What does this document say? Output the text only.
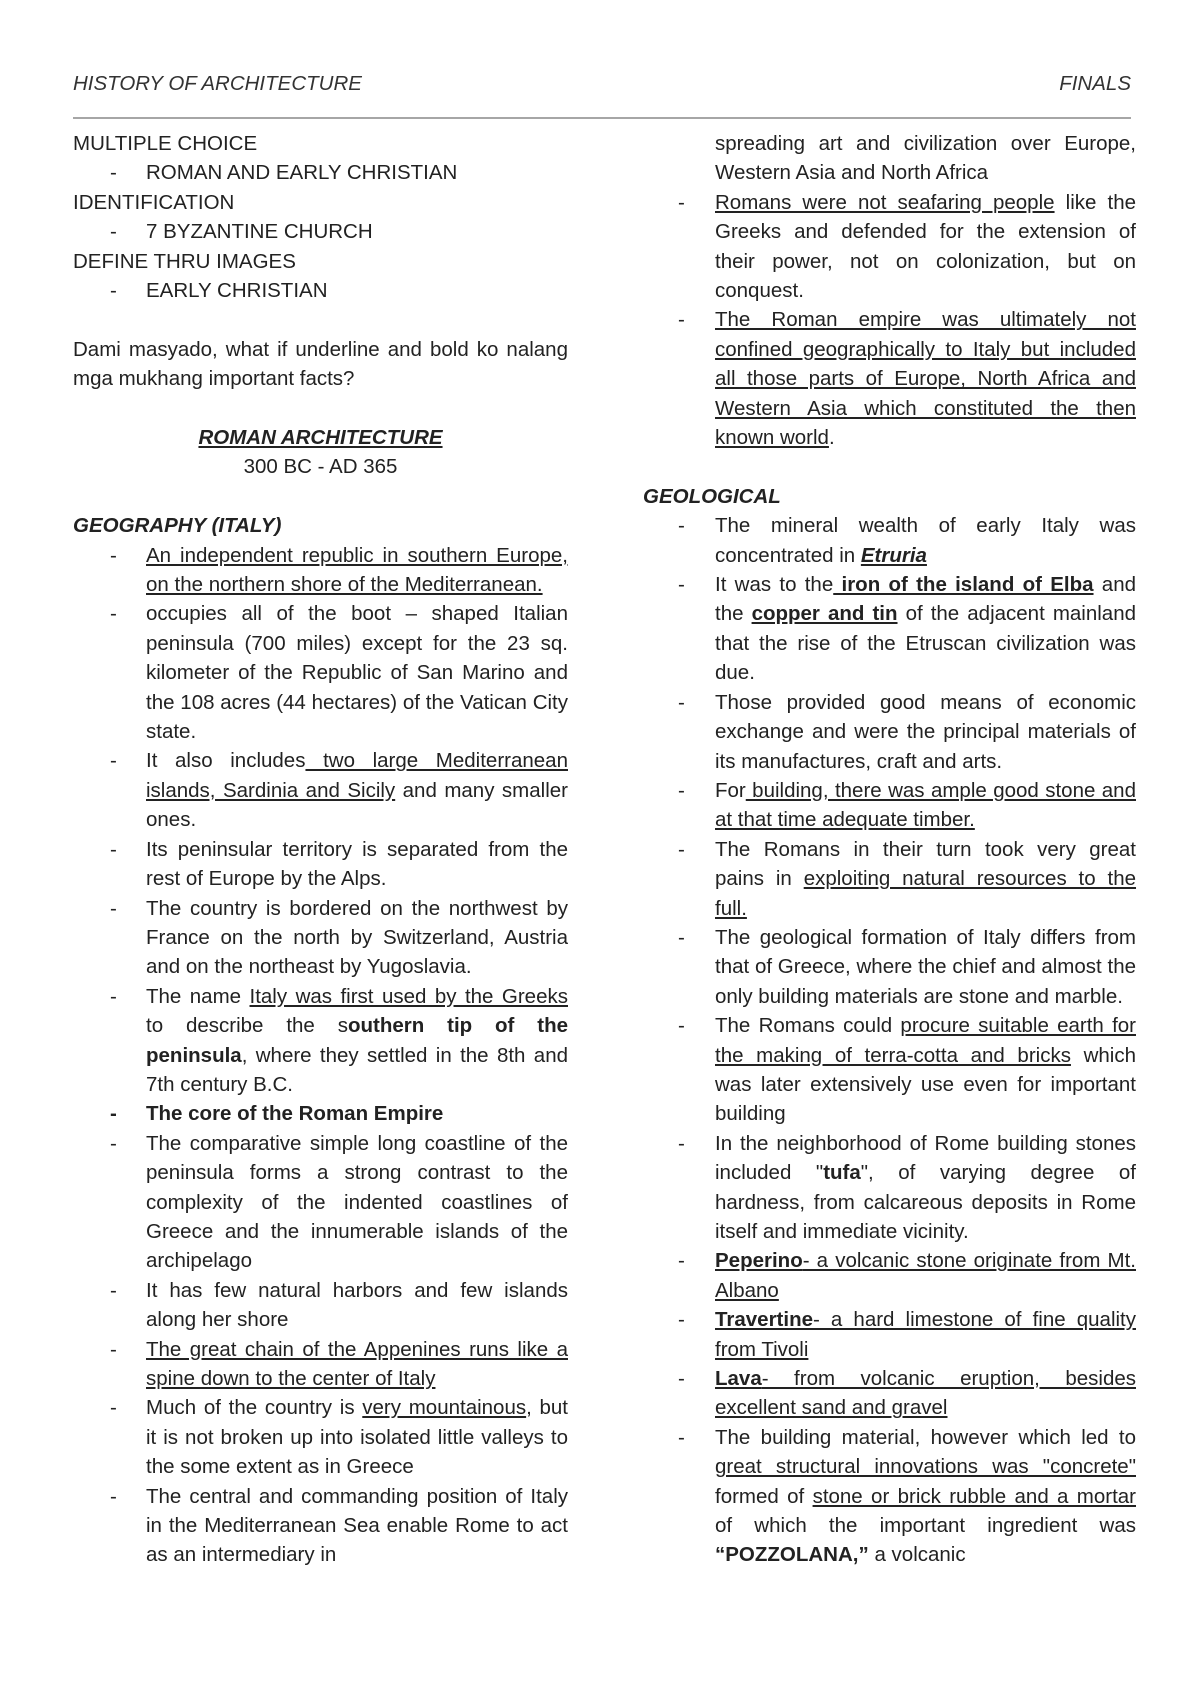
HISTORY OF ARCHITECTURE	FINALS

MULTIPLE CHOICE

- ROMAN AND EARLY CHRISTIAN

IDENTIFICATION

- 7 BYZANTINE CHURCH

DEFINE THRU IMAGES

- EARLY CHRISTIAN

Dami masyado, what if underline and bold ko nalang mga mukhang important facts?

ROMAN ARCHITECTURE

300 BC - AD 365

GEOGRAPHY (ITALY)

- An independent republic in southern Europe, on the northern shore of the Mediterranean.
- occupies all of the boot – shaped Italian peninsula (700 miles) except for the 23 sq. kilometer of the Republic of San Marino and the 108 acres (44 hectares) of the Vatican City state.
- It also includes two large Mediterranean islands, Sardinia and Sicily and many smaller ones.
- Its peninsular territory is separated from the rest of Europe by the Alps.
- The country is bordered on the northwest by France on the north by Switzerland, Austria and on the northeast by Yugoslavia.
- The name Italy was first used by the Greeks to describe the southern tip of the peninsula, where they settled in the 8th and 7th century B.C.
- The core of the Roman Empire
- The comparative simple long coastline of the peninsula forms a strong contrast to the complexity of the indented coastlines of Greece and the innumerable islands of the archipelago
- It has few natural harbors and few islands along her shore
- The great chain of the Appenines runs like a spine down to the center of Italy
- Much of the country is very mountainous, but it is not broken up into isolated little valleys to the some extent as in Greece
- The central and commanding position of Italy in the Mediterranean Sea enable Rome to act as an intermediary in

spreading art and civilization over Europe, Western Asia and North Africa

- Romans were not seafaring people like the Greeks and defended for the extension of their power, not on colonization, but on conquest.
- The Roman empire was ultimately not confined geographically to Italy but included all those parts of Europe, North Africa and Western Asia which constituted the then known world.

GEOLOGICAL

- The mineral wealth of early Italy was concentrated in Etruria
- It was to the iron of the island of Elba and the copper and tin of the adjacent mainland that the rise of the Etruscan civilization was due.
- Those provided good means of economic exchange and were the principal materials of its manufactures, craft and arts.
- For building, there was ample good stone and at that time adequate timber.
- The Romans in their turn took very great pains in exploiting natural resources to the full.
- The geological formation of Italy differs from that of Greece, where the chief and almost the only building materials are stone and marble.
- The Romans could procure suitable earth for the making of terra-cotta and bricks which was later extensively use even for important building
- In the neighborhood of Rome building stones included "tufa", of varying degree of hardness, from calcareous deposits in Rome itself and immediate vicinity.
- Peperino- a volcanic stone originate from Mt. Albano
- Travertine- a hard limestone of fine quality from Tivoli
- Lava- from volcanic eruption, besides excellent sand and gravel
- The building material, however which led to great structural innovations was "concrete" formed of stone or brick rubble and a mortar of which the important ingredient was “POZZOLANA,” a volcanic
